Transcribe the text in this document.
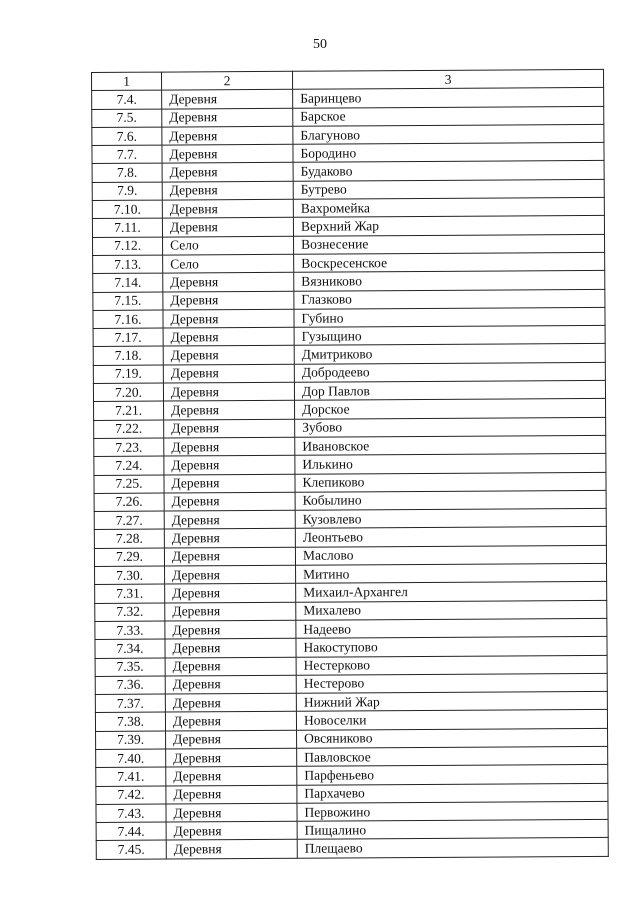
50
1	2	3
7.4.	Деревня	Баринцево
7.5.	Деревня	Барское
7.6.	Деревня	Благуново
7.7.	Деревня	Бородино
7.8.	Деревня	Будаково
7.9.	Деревня	Бутрево
7.10.	Деревня	Вахромейка
7.11.	Деревня	Верхний Жар
7.12.	Село	Вознесение
7.13.	Село	Воскресенское
7.14.	Деревня	Вязниково
7.15.	Деревня	Глазково
7.16.	Деревня	Губино
7.17.	Деревня	Гузыщино
7.18.	Деревня	Дмитриково
7.19.	Деревня	Добродеево
7.20.	Деревня	Дор Павлов
7.21.	Деревня	Дорское
7.22.	Деревня	Зубово
7.23.	Деревня	Ивановское
7.24.	Деревня	Илькино
7.25.	Деревня	Клепиково
7.26.	Деревня	Кобылино
7.27.	Деревня	Кузовлево
7.28.	Деревня	Леонтьево
7.29.	Деревня	Маслово
7.30.	Деревня	Митино
7.31.	Деревня	Михаил-Архангел
7.32.	Деревня	Михалево
7.33.	Деревня	Надеево
7.34.	Деревня	Накоступово
7.35.	Деревня	Нестерково
7.36.	Деревня	Нестерово
7.37.	Деревня	Нижний Жар
7.38.	Деревня	Новоселки
7.39.	Деревня	Овсяниково
7.40.	Деревня	Павловское
7.41.	Деревня	Парфеньево
7.42.	Деревня	Пархачево
7.43.	Деревня	Первожино
7.44.	Деревня	Пищалино
7.45.	Деревня	Плещаево
